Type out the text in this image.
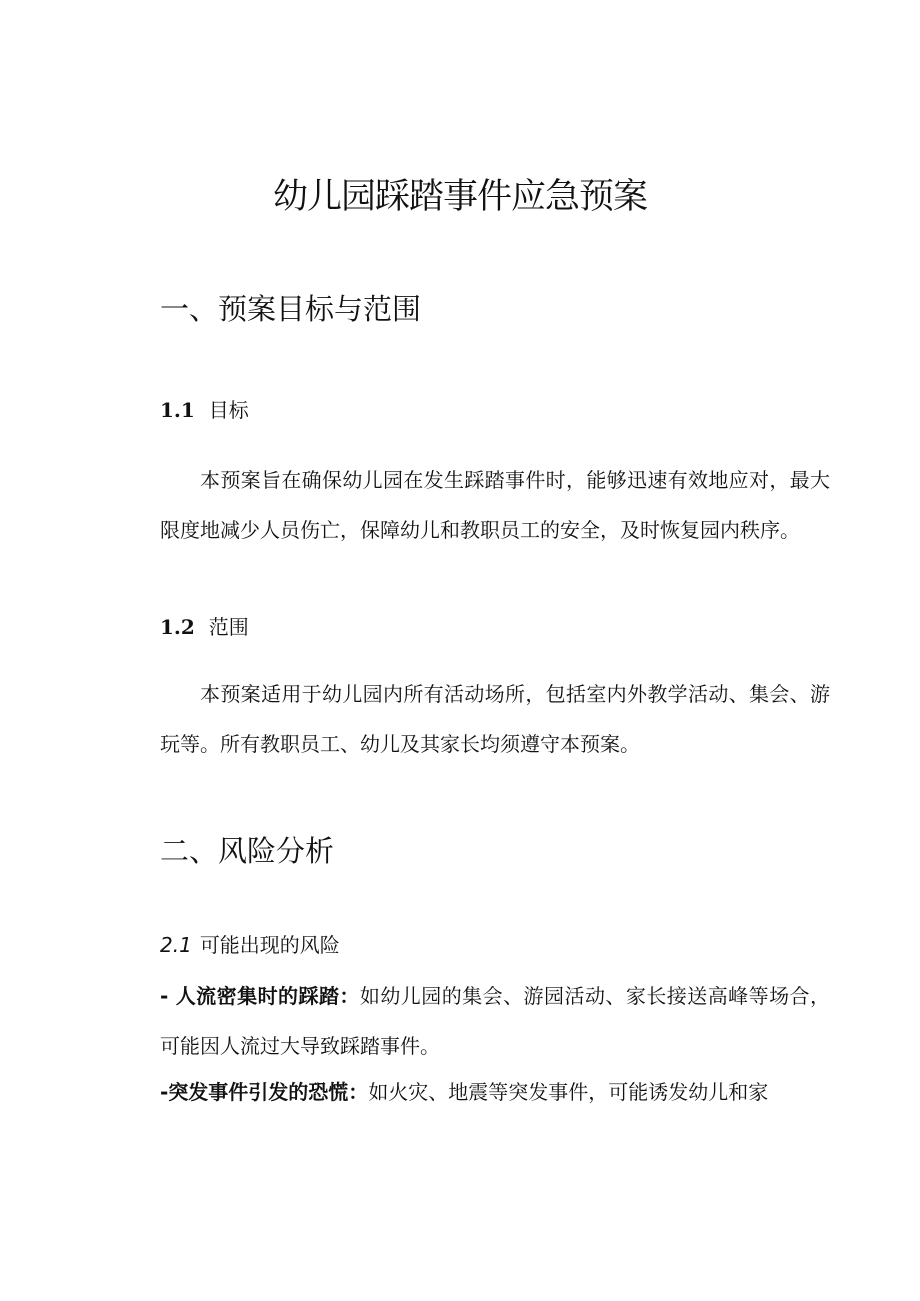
幼儿园踩踏事件应急预案
一、预案目标与范围
1.1 目标

本预案旨在确保幼儿园在发生踩踏事件时，能够迅速有效地应对，最大限度地减少人员伤亡，保障幼儿和教职员工的安全，及时恢复园内秩序。

1.2 范围

本预案适用于幼儿园内所有活动场所，包括室内外教学活动、集会、游玩等。所有教职员工、幼儿及其家长均须遵守本预案。

二、风险分析
2.1 可能出现的风险

- 人流密集时的踩踏：如幼儿园的集会、游园活动、家长接送高峰等场合，可能因人流过大导致踩踏事件。

-突发事件引发的恐慌：如火灾、地震等突发事件，可能诱发幼儿和家
